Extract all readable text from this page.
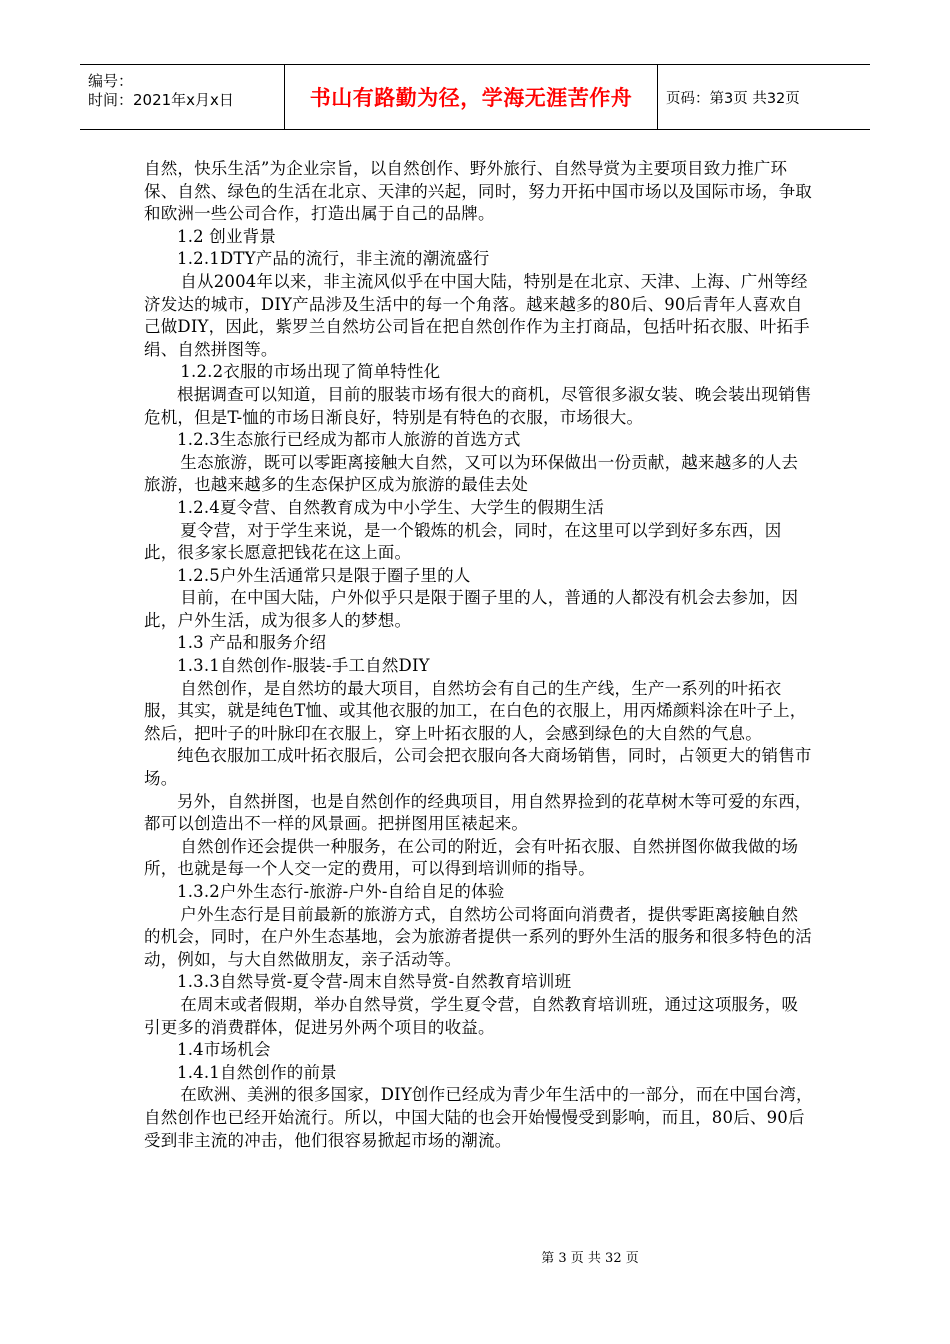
编号：
时间：2021年x月x日	书山有路勤为径，学海无涯苦作舟 页码：第3页 共32页

自然，快乐生活”为企业宗旨，以自然创作、野外旅行、自然导赏为主要项目致力推广环保、自然、绿色的生活在北京、天津的兴起，同时，努力开拓中国市场以及国际市场，争取和欧洲一些公司合作，打造出属于自己的品牌。

1.2 创业背景

1.2.1DTY产品的流行，非主流的潮流盛行

自从2004年以来，非主流风似乎在中国大陆，特别是在北京、天津、上海、广州等经济发达的城市，DIY产品涉及生活中的每一个角落。越来越多的80后、90后青年人喜欢自己做DIY，因此，紫罗兰自然坊公司旨在把自然创作作为主打商品，包括叶拓衣服、叶拓手绢、自然拼图等。

1.2.2衣服的市场出现了简单特性化

根据调查可以知道，目前的服装市场有很大的商机，尽管很多淑女装、晚会装出现销售危机，但是T-恤的市场日渐良好，特别是有特色的衣服，市场很大。

1.2.3生态旅行已经成为都市人旅游的首选方式

生态旅游，既可以零距离接触大自然，又可以为环保做出一份贡献，越来越多的人去旅游，也越来越多的生态保护区成为旅游的最佳去处

1.2.4夏令营、自然教育成为中小学生、大学生的假期生活

夏令营，对于学生来说，是一个锻炼的机会，同时，在这里可以学到好多东西，因此，很多家长愿意把钱花在这上面。

1.2.5户外生活通常只是限于圈子里的人

目前，在中国大陆，户外似乎只是限于圈子里的人，普通的人都没有机会去参加，因此，户外生活，成为很多人的梦想。

1.3 产品和服务介绍

1.3.1自然创作-服装-手工自然DIY

自然创作，是自然坊的最大项目，自然坊会有自己的生产线，生产一系列的叶拓衣服，其实，就是纯色T恤、或其他衣服的加工，在白色的衣服上，用丙烯颜料涂在叶子上，然后，把叶子的叶脉印在衣服上，穿上叶拓衣服的人，会感到绿色的大自然的气息。

纯色衣服加工成叶拓衣服后，公司会把衣服向各大商场销售，同时，占领更大的销售市场。

另外，自然拼图，也是自然创作的经典项目，用自然界捡到的花草树木等可爱的东西，都可以创造出不一样的风景画。把拼图用匡裱起来。

自然创作还会提供一种服务，在公司的附近，会有叶拓衣服、自然拼图你做我做的场所，也就是每一个人交一定的费用，可以得到培训师的指导。

1.3.2户外生态行-旅游-户外-自给自足的体验

户外生态行是目前最新的旅游方式，自然坊公司将面向消费者，提供零距离接触自然的机会，同时，在户外生态基地，会为旅游者提供一系列的野外生活的服务和很多特色的活动，例如，与大自然做朋友，亲子活动等。

1.3.3自然导赏-夏令营-周末自然导赏-自然教育培训班

在周末或者假期，举办自然导赏，学生夏令营，自然教育培训班，通过这项服务，吸引更多的消费群体，促进另外两个项目的收益。

1.4市场机会

1.4.1自然创作的前景

在欧洲、美洲的很多国家，DIY创作已经成为青少年生活中的一部分，而在中国台湾，自然创作也已经开始流行。所以，中国大陆的也会开始慢慢受到影响，而且，80后、90后受到非主流的冲击，他们很容易掀起市场的潮流。

第 3 页 共 32 页
